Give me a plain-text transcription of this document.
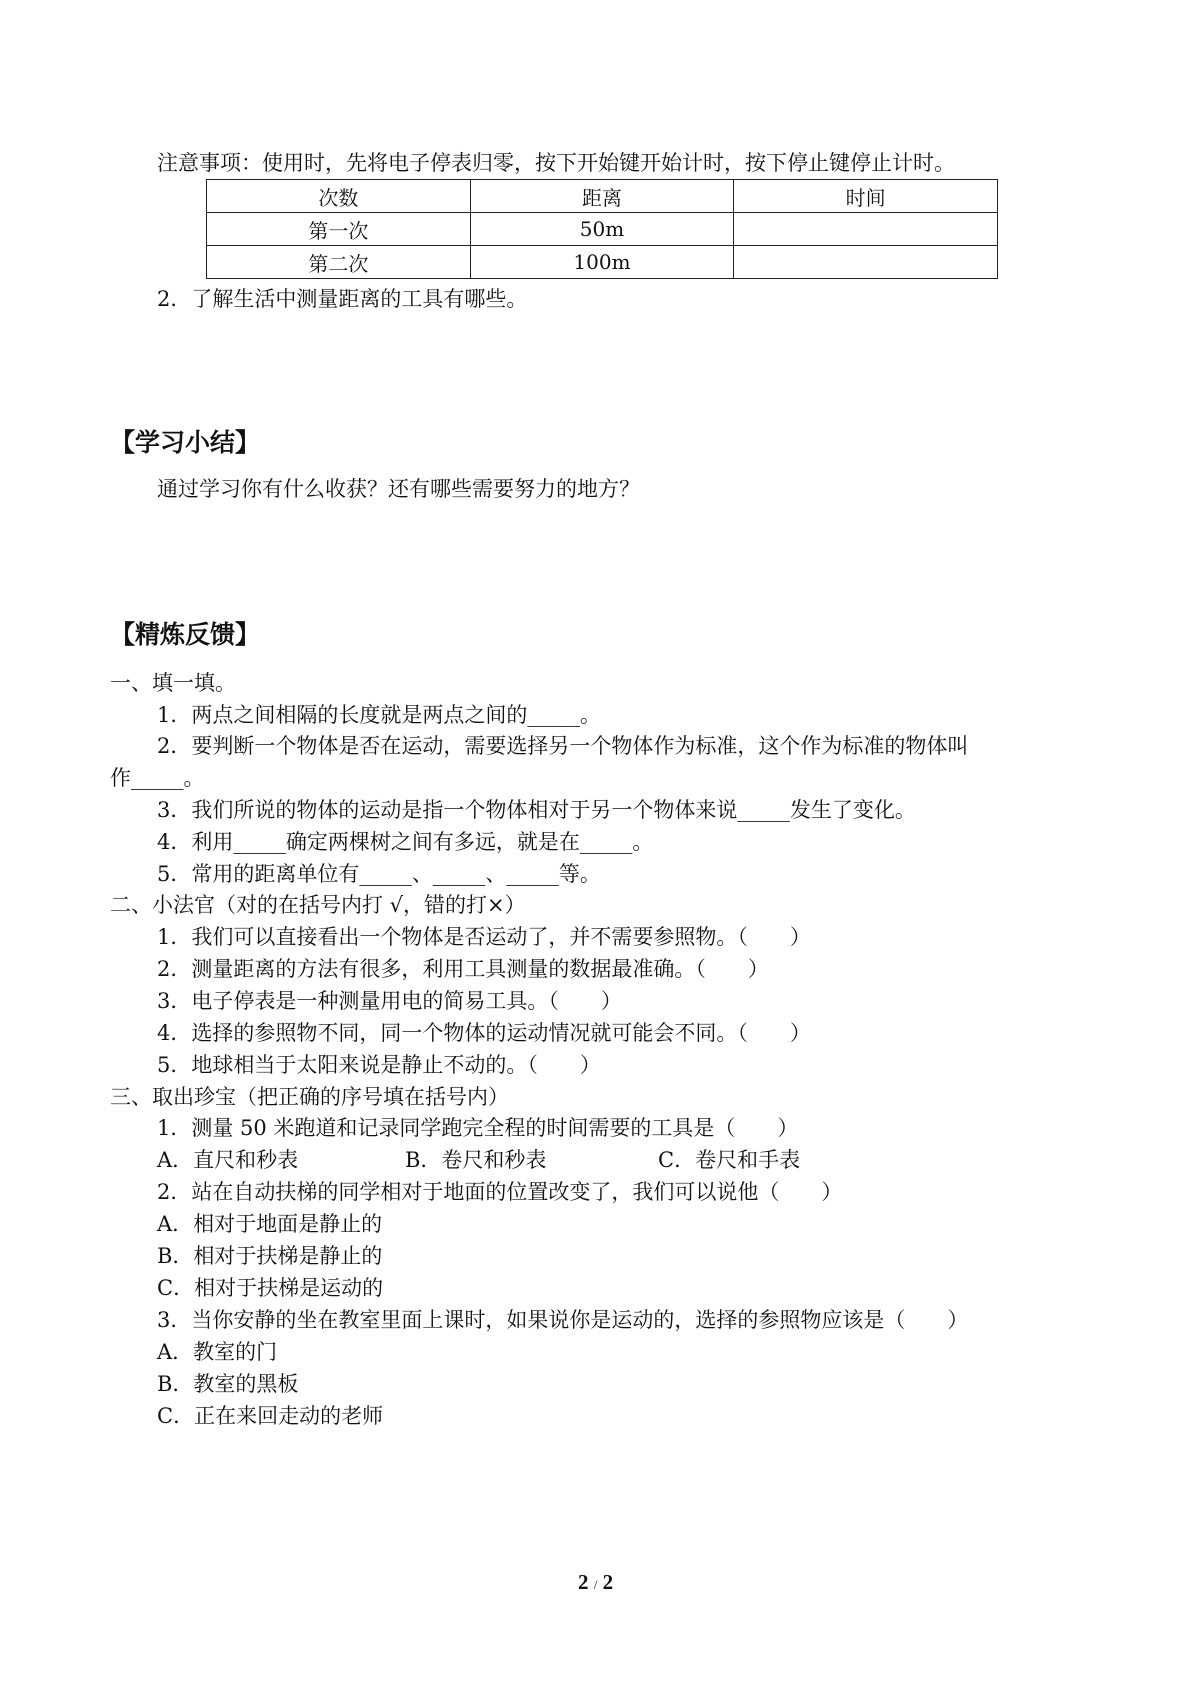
注意事项：使用时，先将电子停表归零，按下开始键开始计时，按下停止键停止计时。
次数	距离	时间
第一次	50m	
第二次	100m	
2．了解生活中测量距离的工具有哪些。
【学习小结】
通过学习你有什么收获？还有哪些需要努力的地方？
【精炼反馈】
一、填一填。
1．两点之间相隔的长度就是两点之间的_____。
2．要判断一个物体是否在运动，需要选择另一个物体作为标准，这个作为标准的物体叫
作_____。
3．我们所说的物体的运动是指一个物体相对于另一个物体来说_____发生了变化。
4．利用_____确定两棵树之间有多远，就是在_____。
5．常用的距离单位有_____、_____、_____等。
二、小法官（对的在括号内打 √，错的打×）
1．我们可以直接看出一个物体是否运动了，并不需要参照物。（　　）
2．测量距离的方法有很多，利用工具测量的数据最准确。（　　）
3．电子停表是一种测量用电的简易工具。（　　）
4．选择的参照物不同，同一个物体的运动情况就可能会不同。（　　）
5．地球相当于太阳来说是静止不动的。（　　）
三、取出珍宝（把正确的序号填在括号内）
1．测量 50 米跑道和记录同学跑完全程的时间需要的工具是（　　）
A．直尺和秒表	B．卷尺和秒表	C．卷尺和手表
2．站在自动扶梯的同学相对于地面的位置改变了，我们可以说他（　　）
A．相对于地面是静止的
B．相对于扶梯是静止的
C．相对于扶梯是运动的
3．当你安静的坐在教室里面上课时，如果说你是运动的，选择的参照物应该是（　　）
A．教室的门
B．教室的黑板
C．正在来回走动的老师
2 / 2
